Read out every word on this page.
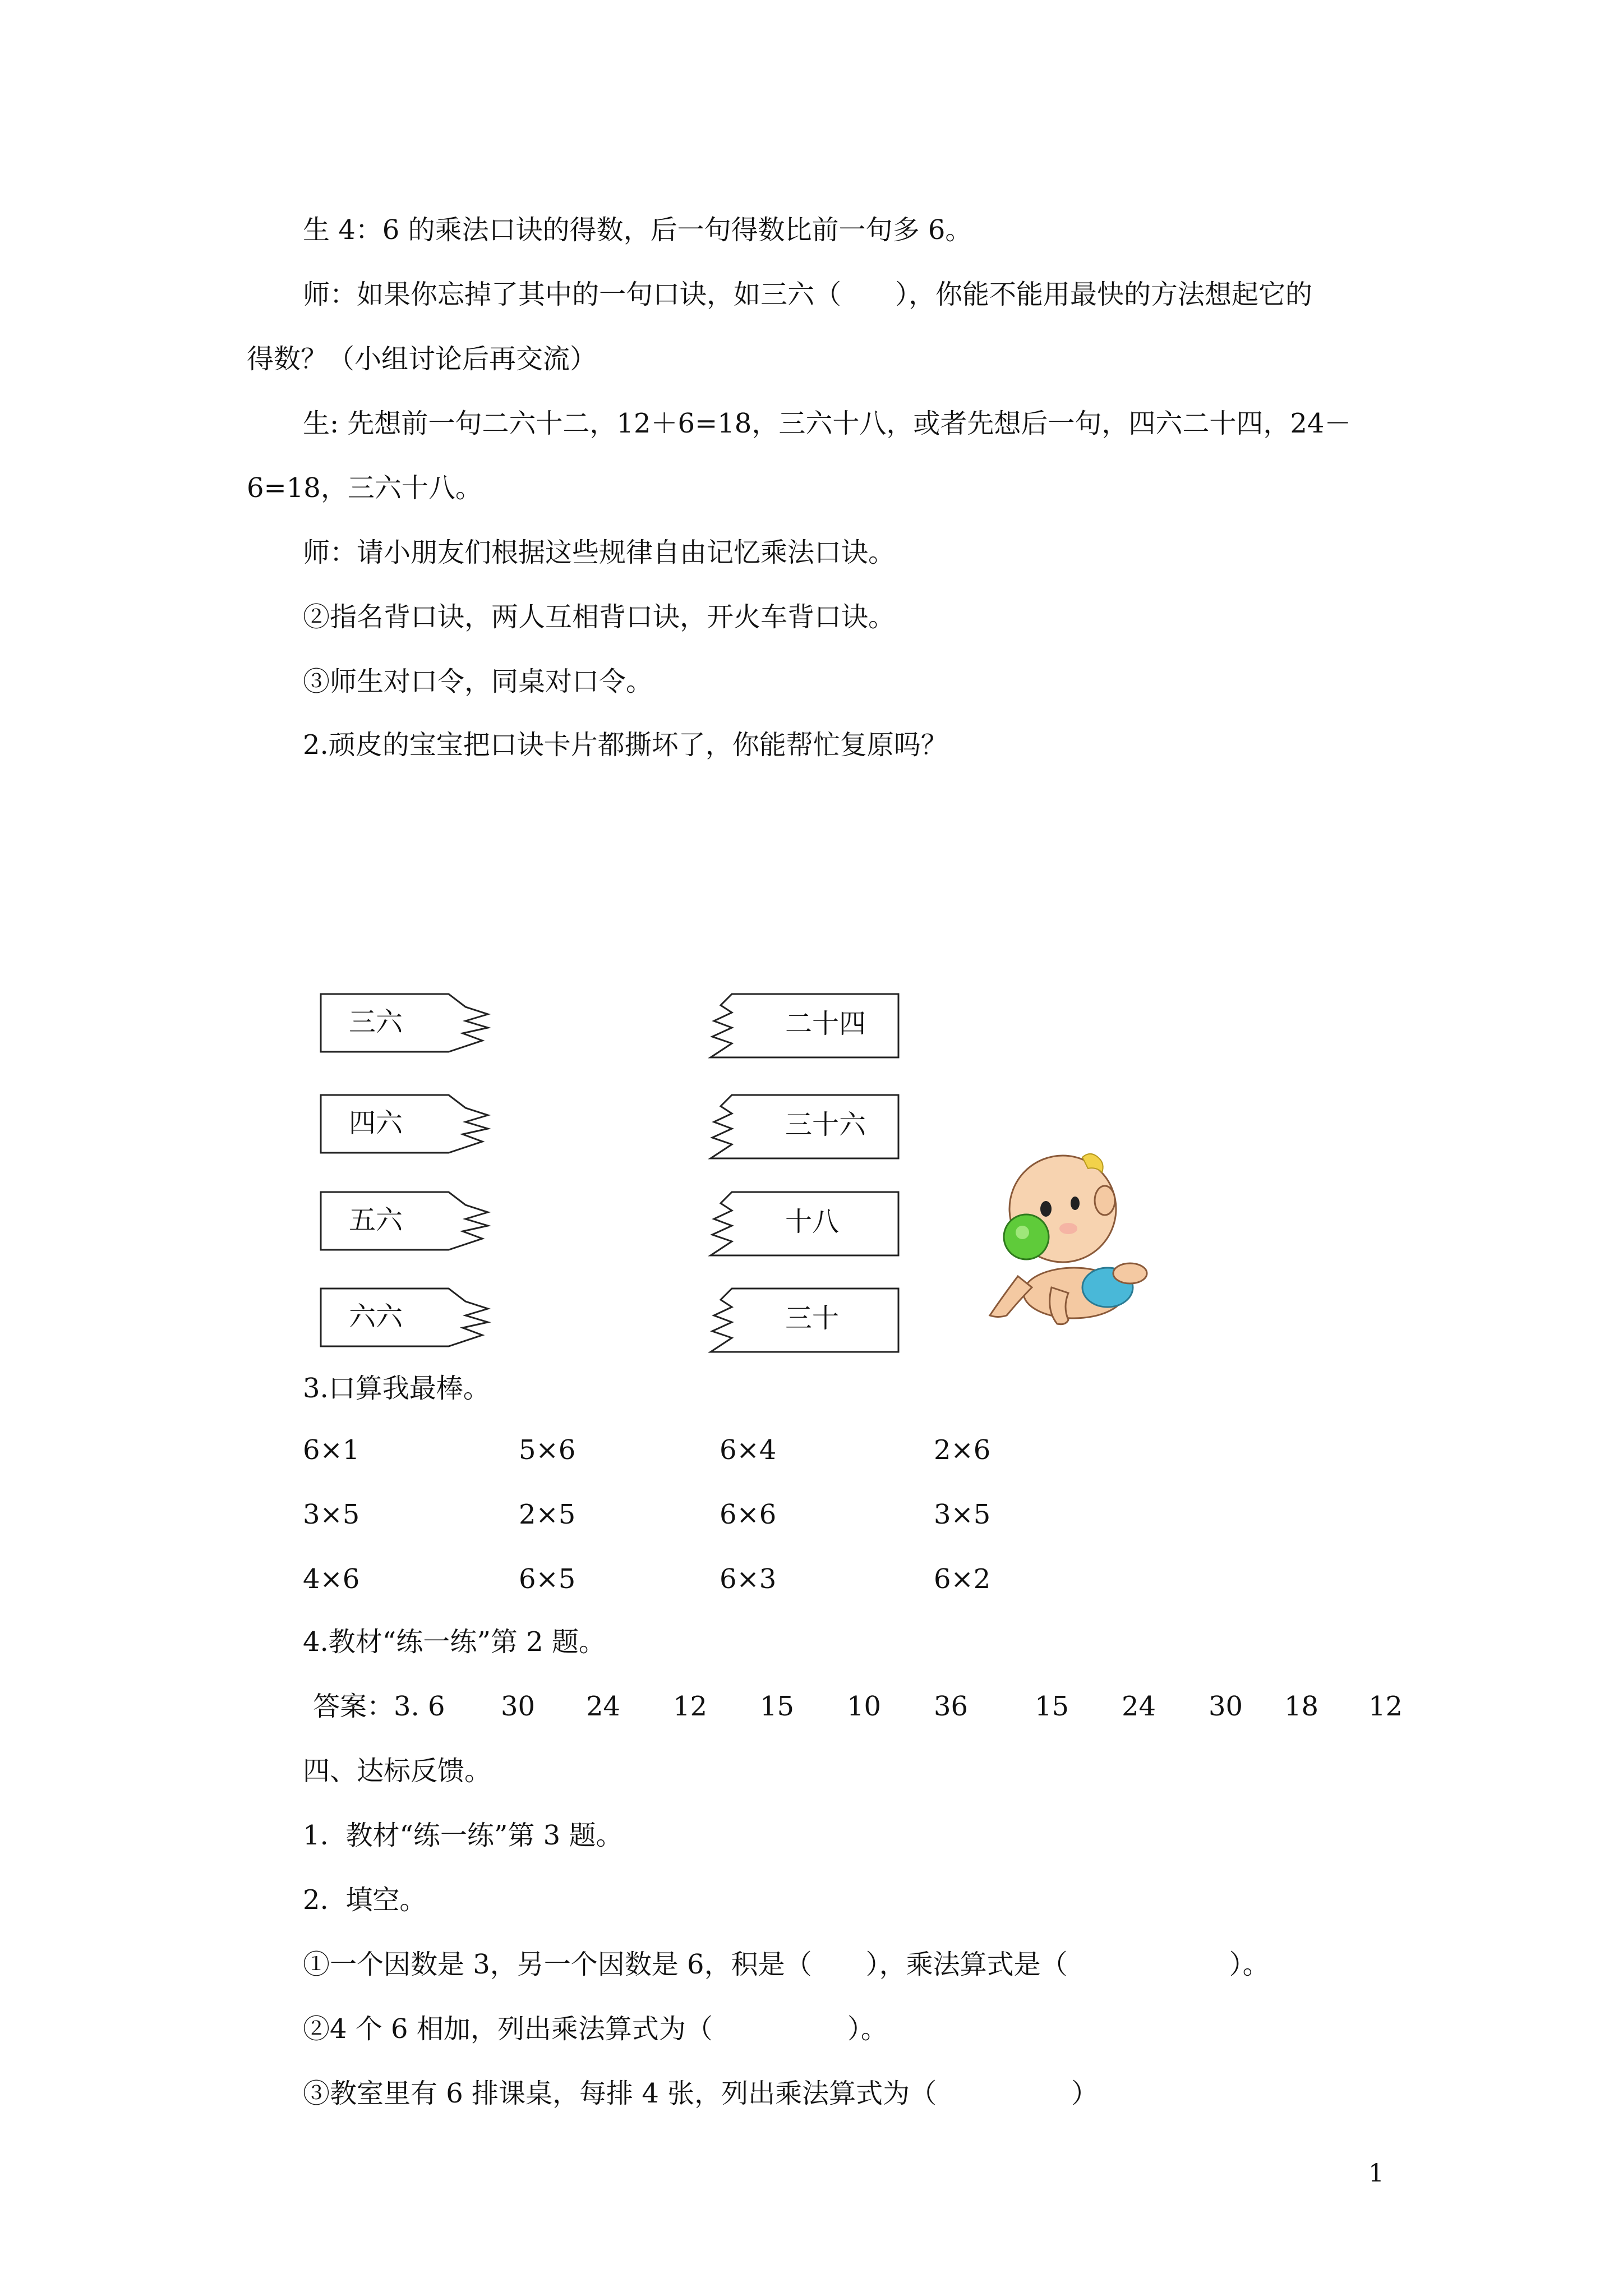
生 4：6 的乘法口诀的得数，后一句得数比前一句多 6。
师：如果你忘掉了其中的一句口诀，如三六（　　），你能不能用最快的方法想起它的
得数？（小组讨论后再交流）
生: 先想前一句二六十二，12＋6=18，三六十八，或者先想后一句，四六二十四，24－
6=18，三六十八。
师：请小朋友们根据这些规律自由记忆乘法口诀。
②指名背口诀，两人互相背口诀，开火车背口诀。
③师生对口令，同桌对口令。
2.顽皮的宝宝把口诀卡片都撕坏了，你能帮忙复原吗？
三六
四六
五六
六六
二十四
三十六
十八
三十
3.口算我最棒。
6×1	5×6	6×4	2×6
3×5	2×5	6×6	3×5
4×6	6×5	6×3	6×2
4.教材“练一练”第 2 题。
答案：3. 6 30 24 12 15 10 36 15 24 30 18 12
四、达标反馈。
1.  教材“练一练”第 3 题。
2.  填空。
①一个因数是 3，另一个因数是 6，积是（　　），乘法算式是（　　　　　　）。
②4 个 6 相加，列出乘法算式为（　　　　　）。
③教室里有 6 排课桌，每排 4 张，列出乘法算式为（　　　　　）
1
